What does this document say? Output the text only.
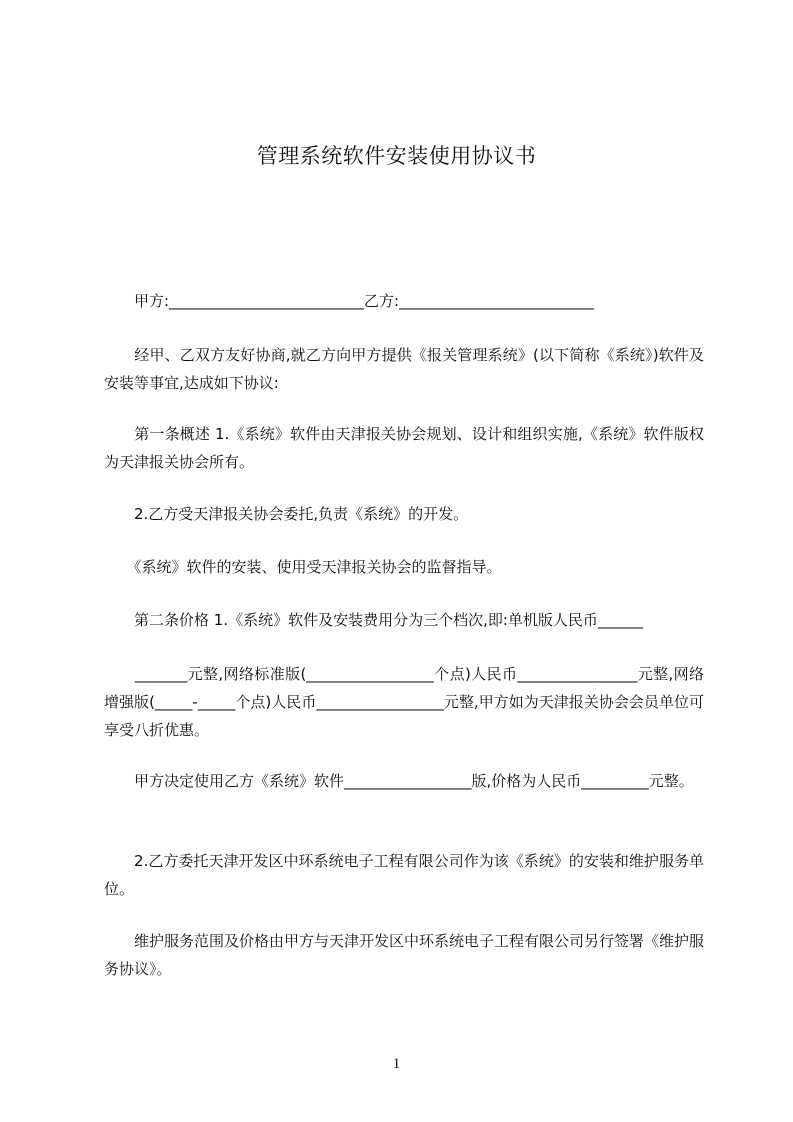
管理系统软件安装使用协议书

　　甲方:__________________________乙方:__________________________

　　经甲、乙双方友好协商,就乙方向甲方提供《报关管理系统》(以下简称《系统》)软件及安装等事宜,达成如下协议:

　　第一条概述 1.《系统》软件由天津报关协会规划、设计和组织实施,《系统》软件版权为天津报关协会所有。

　　2.乙方受天津报关协会委托,负责《系统》的开发。

　　《系统》软件的安装、使用受天津报关协会的监督指导。

　　第二条价格 1.《系统》软件及安装费用分为三个档次,即:单机版人民币______

　　_______元整,网络标准版(_________________个点)人民币________________元整,网络增强版(_____-_____个点)人民币_________________元整,甲方如为天津报关协会会员单位可享受八折优惠。

　　甲方决定使用乙方《系统》软件_________________版,价格为人民币_________元整。

　　2.乙方委托天津开发区中环系统电子工程有限公司作为该《系统》的安装和维护服务单位。

　　维护服务范围及价格由甲方与天津开发区中环系统电子工程有限公司另行签署《维护服务协议》。

1
